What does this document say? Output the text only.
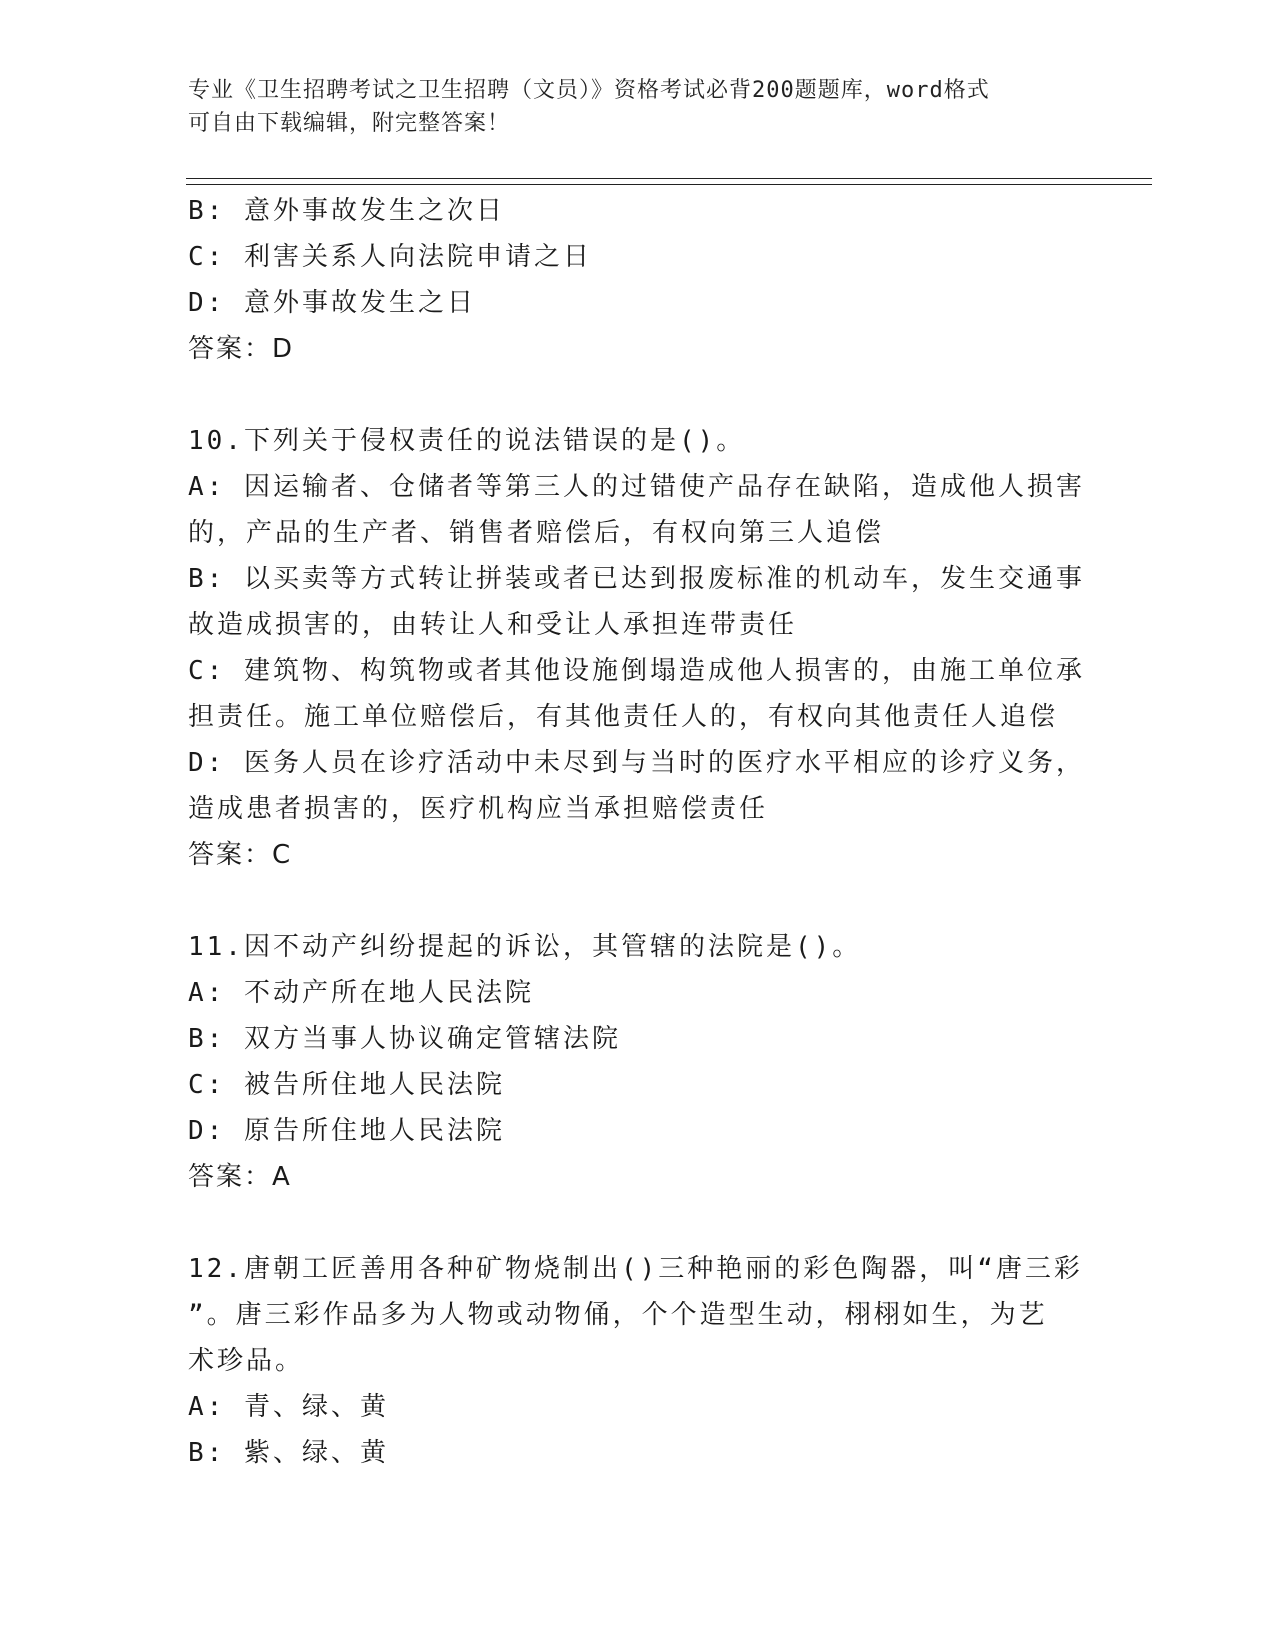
专业《卫生招聘考试之卫生招聘（文员）》资格考试必背200题题库，word格式
可自由下载编辑，附完整答案！
B: 意外事故发生之次日
C: 利害关系人向法院申请之日
D: 意外事故发生之日
答案：D
10.下列关于侵权责任的说法错误的是()。
A: 因运输者、仓储者等第三人的过错使产品存在缺陷，造成他人损害
的，产品的生产者、销售者赔偿后，有权向第三人追偿
B: 以买卖等方式转让拼装或者已达到报废标准的机动车，发生交通事
故造成损害的，由转让人和受让人承担连带责任
C: 建筑物、构筑物或者其他设施倒塌造成他人损害的，由施工单位承
担责任。施工单位赔偿后，有其他责任人的，有权向其他责任人追偿
D: 医务人员在诊疗活动中未尽到与当时的医疗水平相应的诊疗义务，
造成患者损害的，医疗机构应当承担赔偿责任
答案：C
11.因不动产纠纷提起的诉讼，其管辖的法院是()。
A: 不动产所在地人民法院
B: 双方当事人协议确定管辖法院
C: 被告所住地人民法院
D: 原告所住地人民法院
答案：A
12.唐朝工匠善用各种矿物烧制出()三种艳丽的彩色陶器，叫“唐三彩
”。唐三彩作品多为人物或动物俑，个个造型生动，栩栩如生，为艺
术珍品。
A: 青、绿、黄
B: 紫、绿、黄
